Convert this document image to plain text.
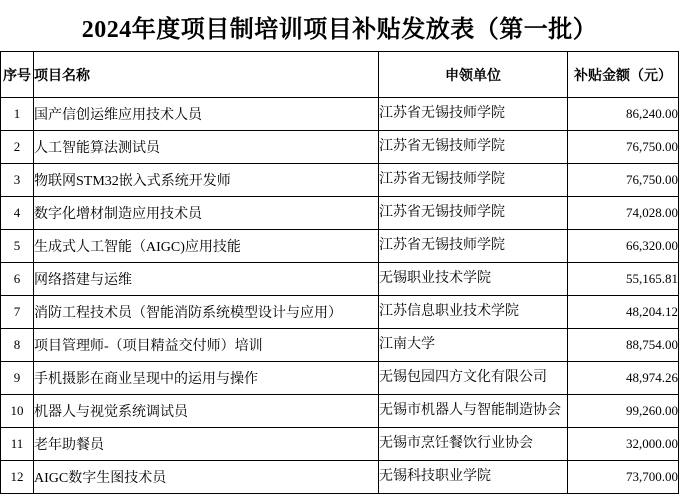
2024年度项目制培训项目补贴发放表（第一批）
序号	项目名称	申领单位	补贴金额（元）
1	国产信创运维应用技术人员	江苏省无锡技师学院	86,240.00
2	人工智能算法测试员	江苏省无锡技师学院	76,750.00
3	物联网STM32嵌入式系统开发师	江苏省无锡技师学院	76,750.00
4	数字化增材制造应用技术员	江苏省无锡技师学院	74,028.00
5	生成式人工智能（AIGC)应用技能	江苏省无锡技师学院	66,320.00
6	网络搭建与运维	无锡职业技术学院	55,165.81
7	消防工程技术员（智能消防系统模型设计与应用）	江苏信息职业技术学院	48,204.12
8	项目管理师-（项目精益交付师）培训	江南大学	88,754.00
9	手机摄影在商业呈现中的运用与操作	无锡包园四方文化有限公司	48,974.26
10	机器人与视觉系统调试员	无锡市机器人与智能制造协会	99,260.00
11	老年助餐员	无锡市烹饪餐饮行业协会	32,000.00
12	AIGC数字生图技术员	无锡科技职业学院	73,700.00
